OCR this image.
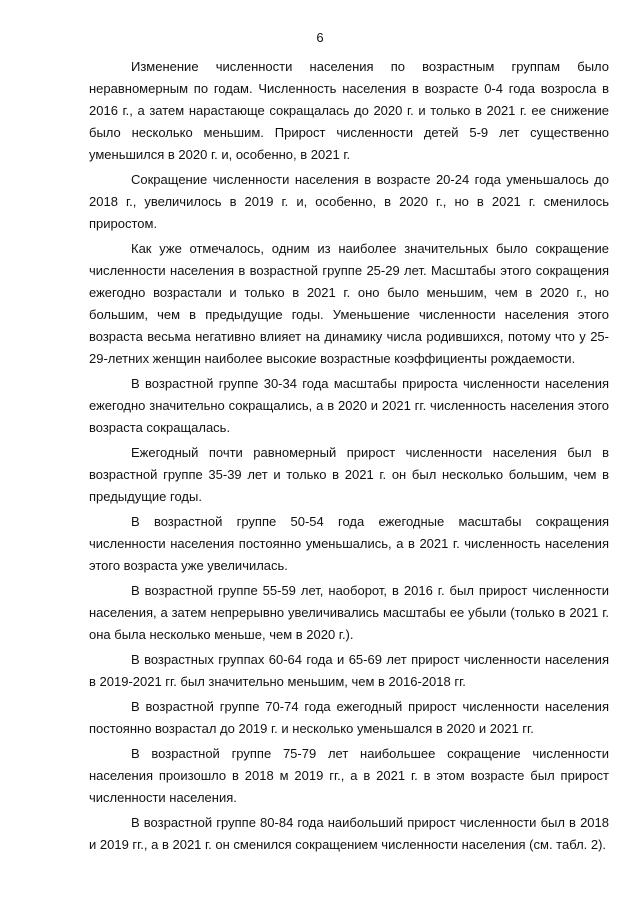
6

Изменение численности населения по возрастным группам было неравномерным по годам. Численность населения в возрасте 0-4 года возросла в 2016 г., а затем нарастающе сокращалась до 2020 г. и только в 2021 г. ее снижение было несколько меньшим. Прирост численности детей 5-9 лет существенно уменьшился в 2020 г. и, особенно, в 2021 г.

Сокращение численности населения в возрасте 20-24 года уменьшалось до 2018 г., увеличилось в 2019 г. и, особенно, в 2020 г., но в 2021 г. сменилось приростом.

Как уже отмечалось, одним из наиболее значительных было сокращение численности населения в возрастной группе 25-29 лет. Масштабы этого сокращения ежегодно возрастали и только в 2021 г. оно было меньшим, чем в 2020 г., но большим, чем в предыдущие годы. Уменьшение численности населения этого возраста весьма негативно влияет на динамику числа родившихся, потому что у 25-29-летних женщин наиболее высокие возрастные коэффициенты рождаемости.

В возрастной группе 30-34 года масштабы прироста численности населения ежегодно значительно сокращались, а в 2020 и 2021 гг. численность населения этого возраста сокращалась.

Ежегодный почти равномерный прирост численности населения был в возрастной группе 35-39 лет и только в 2021 г. он был несколько большим, чем в предыдущие годы.

В возрастной группе 50-54 года ежегодные масштабы сокращения численности населения постоянно уменьшались, а в 2021 г. численность населения этого возраста уже увеличилась.

В возрастной группе 55-59 лет, наоборот, в 2016 г. был прирост численности населения, а затем непрерывно увеличивались масштабы ее убыли (только в 2021 г. она была несколько меньше, чем в 2020 г.).

В возрастных группах 60-64 года и 65-69 лет прирост численности населения в 2019-2021 гг. был значительно меньшим, чем в 2016-2018 гг.

В возрастной группе 70-74 года ежегодный прирост численности населения постоянно возрастал до 2019 г. и несколько уменьшался в 2020 и 2021 гг.

В возрастной группе 75-79 лет наибольшее сокращение численности населения произошло в 2018 м 2019 гг., а в 2021 г. в этом возрасте был прирост численности населения.

В возрастной группе 80-84 года наибольший прирост численности был в 2018 и 2019 гг., а в 2021 г. он сменился сокращением численности населения (см. табл. 2).
